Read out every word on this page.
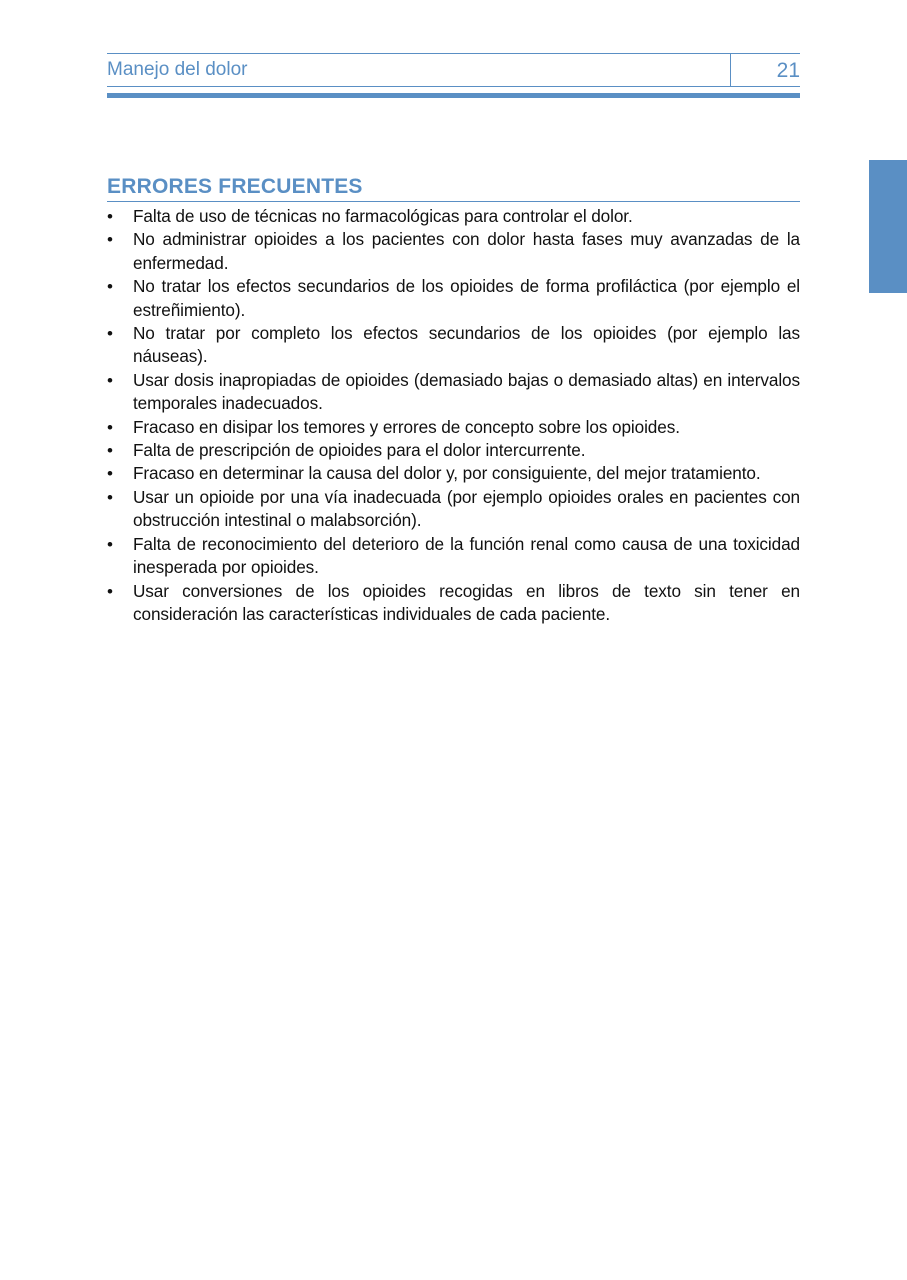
Manejo del dolor	21
ERRORES FRECUENTES
• Falta de uso de técnicas no farmacológicas para controlar el dolor.
• No administrar opioides a los pacientes con dolor hasta fases muy avanzadas de la enfermedad.
• No tratar los efectos secundarios de los opioides de forma profiláctica (por ejemplo el estreñimiento).
• No tratar por completo los efectos secundarios de los opioides (por ejemplo las náuseas).
• Usar dosis inapropiadas de opioides (demasiado bajas o demasiado altas) en intervalos temporales inadecuados.
• Fracaso en disipar los temores y errores de concepto sobre los opioides.
• Falta de prescripción de opioides para el dolor intercurrente.
• Fracaso en determinar la causa del dolor y, por consiguiente, del mejor tratamiento.
• Usar un opioide por una vía inadecuada (por ejemplo opioides orales en pacientes con obstrucción intestinal o malabsorción).
• Falta de reconocimiento del deterioro de la función renal como causa de una toxicidad inesperada por opioides.
• Usar conversiones de los opioides recogidas en libros de texto sin tener en consideración las características individuales de cada paciente.
